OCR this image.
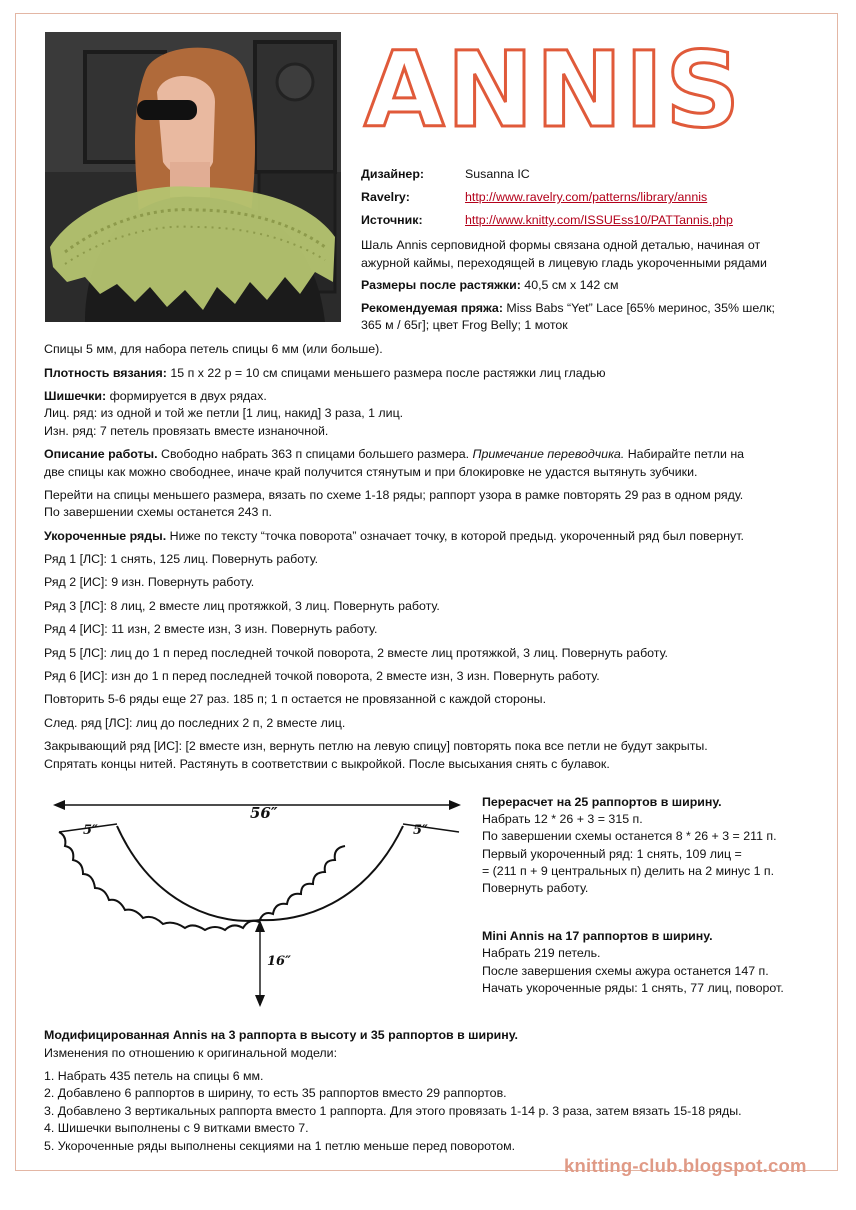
ANNIS
Дизайнер:	Susanna IC
Ravelry:	http://www.ravelry.com/patterns/library/annis
Источник:	http://www.knitty.com/ISSUEss10/PATTannis.php
Шаль Annis серповидной формы связана одной деталью, начиная от
ажурной каймы, переходящей в лицевую гладь укороченными рядами
Размеры после растяжки: 40,5 см х 142 см
Рекомендуемая пряжа: Miss Babs “Yet” Lace [65% меринос, 35% шелк;
365 м / 65г]; цвет Frog Belly; 1 моток
Спицы 5 мм, для набора петель спицы 6 мм (или больше).
Плотность вязания: 15 п х 22 р = 10 см спицами меньшего размера после растяжки лиц гладью
Шишечки: формируется в двух рядах.
Лиц. ряд: из одной и той же петли [1 лиц, накид] 3 раза, 1 лиц.
Изн. ряд: 7 петель провязать вместе изнаночной.
Описание работы. Свободно набрать 363 п спицами большего размера. Примечание переводчика. Набирайте петли на
две спицы как можно свободнее, иначе край получится стянутым и при блокировке не удастся вытянуть зубчики.
Перейти на спицы меньшего размера, вязать по схеме 1-18 ряды; раппорт узора в рамке повторять 29 раз в одном ряду.
По завершении схемы останется 243 п.
Укороченные ряды. Ниже по тексту “точка поворота” означает точку, в которой предыд. укороченный ряд был повернут.
Ряд 1 [ЛС]: 1 снять, 125 лиц. Повернуть работу.
Ряд 2 [ИС]: 9 изн. Повернуть работу.
Ряд 3 [ЛС]: 8 лиц, 2 вместе лиц протяжкой, 3 лиц. Повернуть работу.
Ряд 4 [ИС]: 11 изн, 2 вместе изн, 3 изн. Повернуть работу.
Ряд 5 [ЛС]: лиц до 1 п перед последней точкой поворота, 2 вместе лиц протяжкой, 3 лиц. Повернуть работу.
Ряд 6 [ИС]: изн до 1 п перед последней точкой поворота, 2 вместе изн, 3 изн. Повернуть работу.
Повторить 5-6 ряды еще 27 раз. 185 п; 1 п остается не провязанной с каждой стороны.
След. ряд [ЛС]: лиц до последних 2 п, 2 вместе лиц.
Закрывающий ряд [ИС]: [2 вместе изн, вернуть петлю на левую спицу] повторять пока все петли не будут закрыты.
Спрятать концы нитей. Растянуть в соответствии с выкройкой. После высыхания снять с булавок.
56″
5″	5″
16″
Перерасчет на 25 раппортов в ширину.
Набрать 12 * 26 + 3 = 315 п.
По завершении схемы останется 8 * 26 + 3 = 211 п.
Первый укороченный ряд: 1 снять, 109 лиц =
= (211 п + 9 центральных п) делить на 2 минус 1 п.
Повернуть работу.
Mini Annis на 17 раппортов в ширину.
Набрать 219 петель.
После завершения схемы ажура останется 147 п.
Начать укороченные ряды: 1 снять, 77 лиц, поворот.
Модифицированная Annis на 3 раппорта в высоту и 35 раппортов в ширину.
Изменения по отношению к оригинальной модели:
1. Набрать 435 петель на спицы 6 мм.
2. Добавлено 6 раппортов в ширину, то есть 35 раппортов вместо 29 раппортов.
3. Добавлено 3 вертикальных раппорта вместо 1 раппорта. Для этого провязать 1-14 р. 3 раза, затем вязать 15-18 ряды.
4. Шишечки выполнены с 9 витками вместо 7.
5. Укороченные ряды выполнены секциями на 1 петлю меньше перед поворотом.
knitting-club.blogspot.com
